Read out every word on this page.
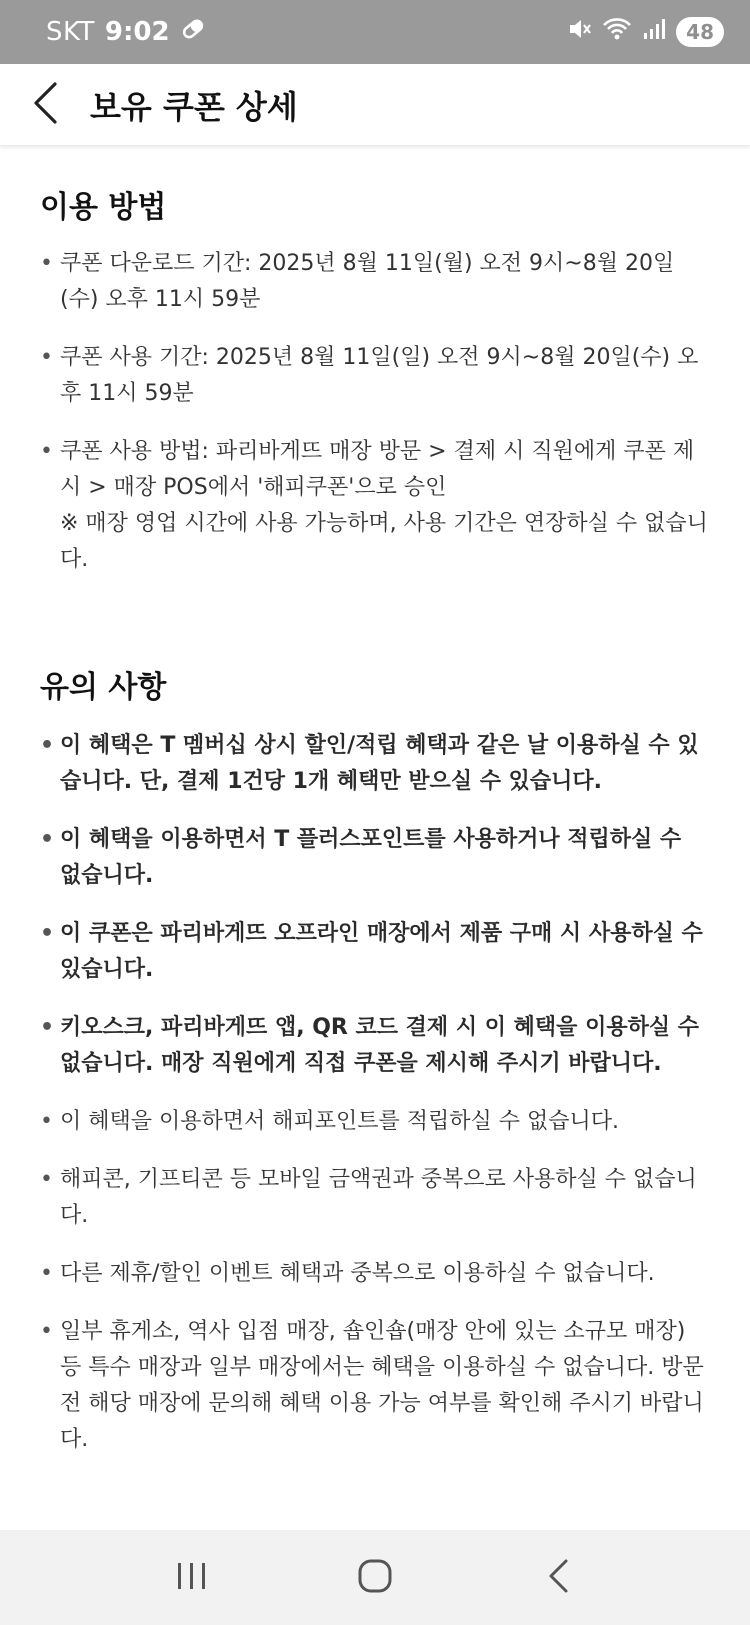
SKT 9:02	48
보유 쿠폰 상세
이용 방법
• 쿠폰 다운로드 기간: 2025년 8월 11일(월) 오전 9시~8월 20일(수) 오후 11시 59분
• 쿠폰 사용 기간: 2025년 8월 11일(일) 오전 9시~8월 20일(수) 오후 11시 59분
• 쿠폰 사용 방법: 파리바게뜨 매장 방문 > 결제 시 직원에게 쿠폰 제시 > 매장 POS에서 '해피쿠폰'으로 승인
※ 매장 영업 시간에 사용 가능하며, 사용 기간은 연장하실 수 없습니다.
유의 사항
• 이 혜택은 T 멤버십 상시 할인/적립 혜택과 같은 날 이용하실 수 있습니다. 단, 결제 1건당 1개 혜택만 받으실 수 있습니다.
• 이 혜택을 이용하면서 T 플러스포인트를 사용하거나 적립하실 수 없습니다.
• 이 쿠폰은 파리바게뜨 오프라인 매장에서 제품 구매 시 사용하실 수 있습니다.
• 키오스크, 파리바게뜨 앱, QR 코드 결제 시 이 혜택을 이용하실 수 없습니다. 매장 직원에게 직접 쿠폰을 제시해 주시기 바랍니다.
• 이 혜택을 이용하면서 해피포인트를 적립하실 수 없습니다.
• 해피콘, 기프티콘 등 모바일 금액권과 중복으로 사용하실 수 없습니다.
• 다른 제휴/할인 이벤트 혜택과 중복으로 이용하실 수 없습니다.
• 일부 휴게소, 역사 입점 매장, 숍인숍(매장 안에 있는 소규모 매장) 등 특수 매장과 일부 매장에서는 혜택을 이용하실 수 없습니다. 방문 전 해당 매장에 문의해 혜택 이용 가능 여부를 확인해 주시기 바랍니다.
